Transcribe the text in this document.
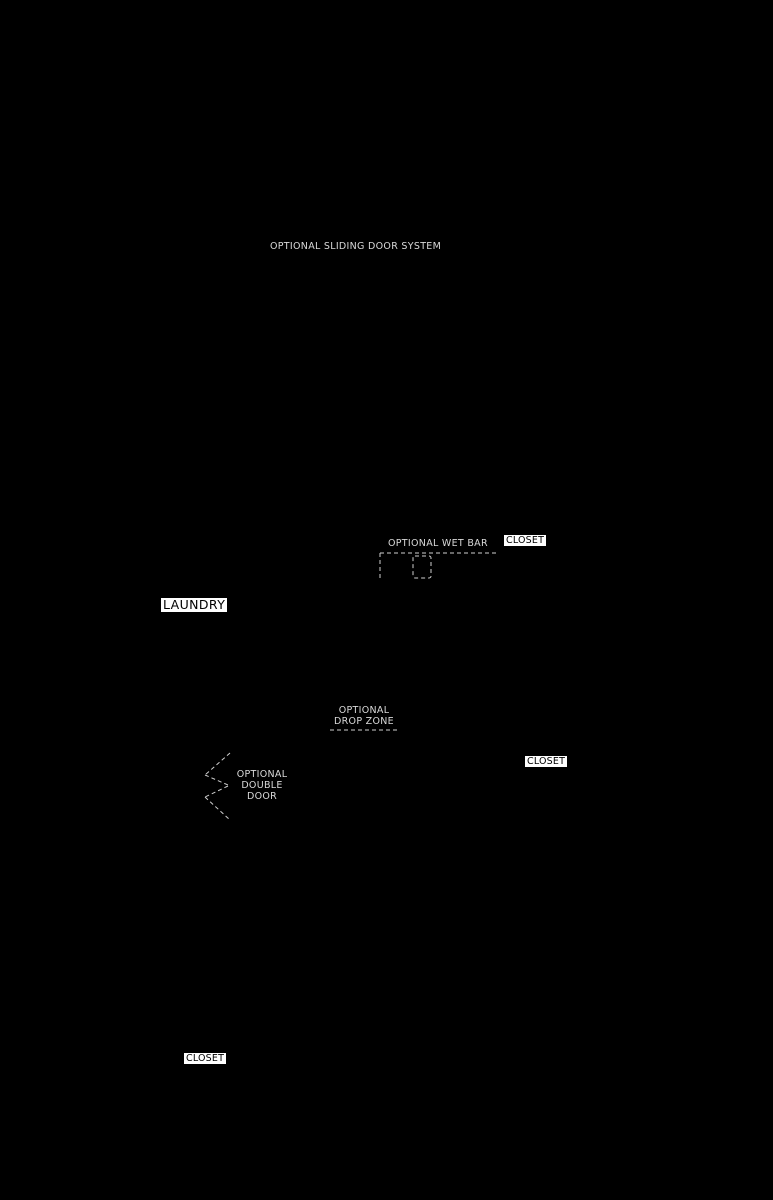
OPTIONAL SLIDING DOOR SYSTEM
OPTIONAL WET BAR
OPTIONAL
DROP ZONE
OPTIONAL
DOUBLE
DOOR
LAUNDRY
CLOSET
CLOSET
CLOSET
